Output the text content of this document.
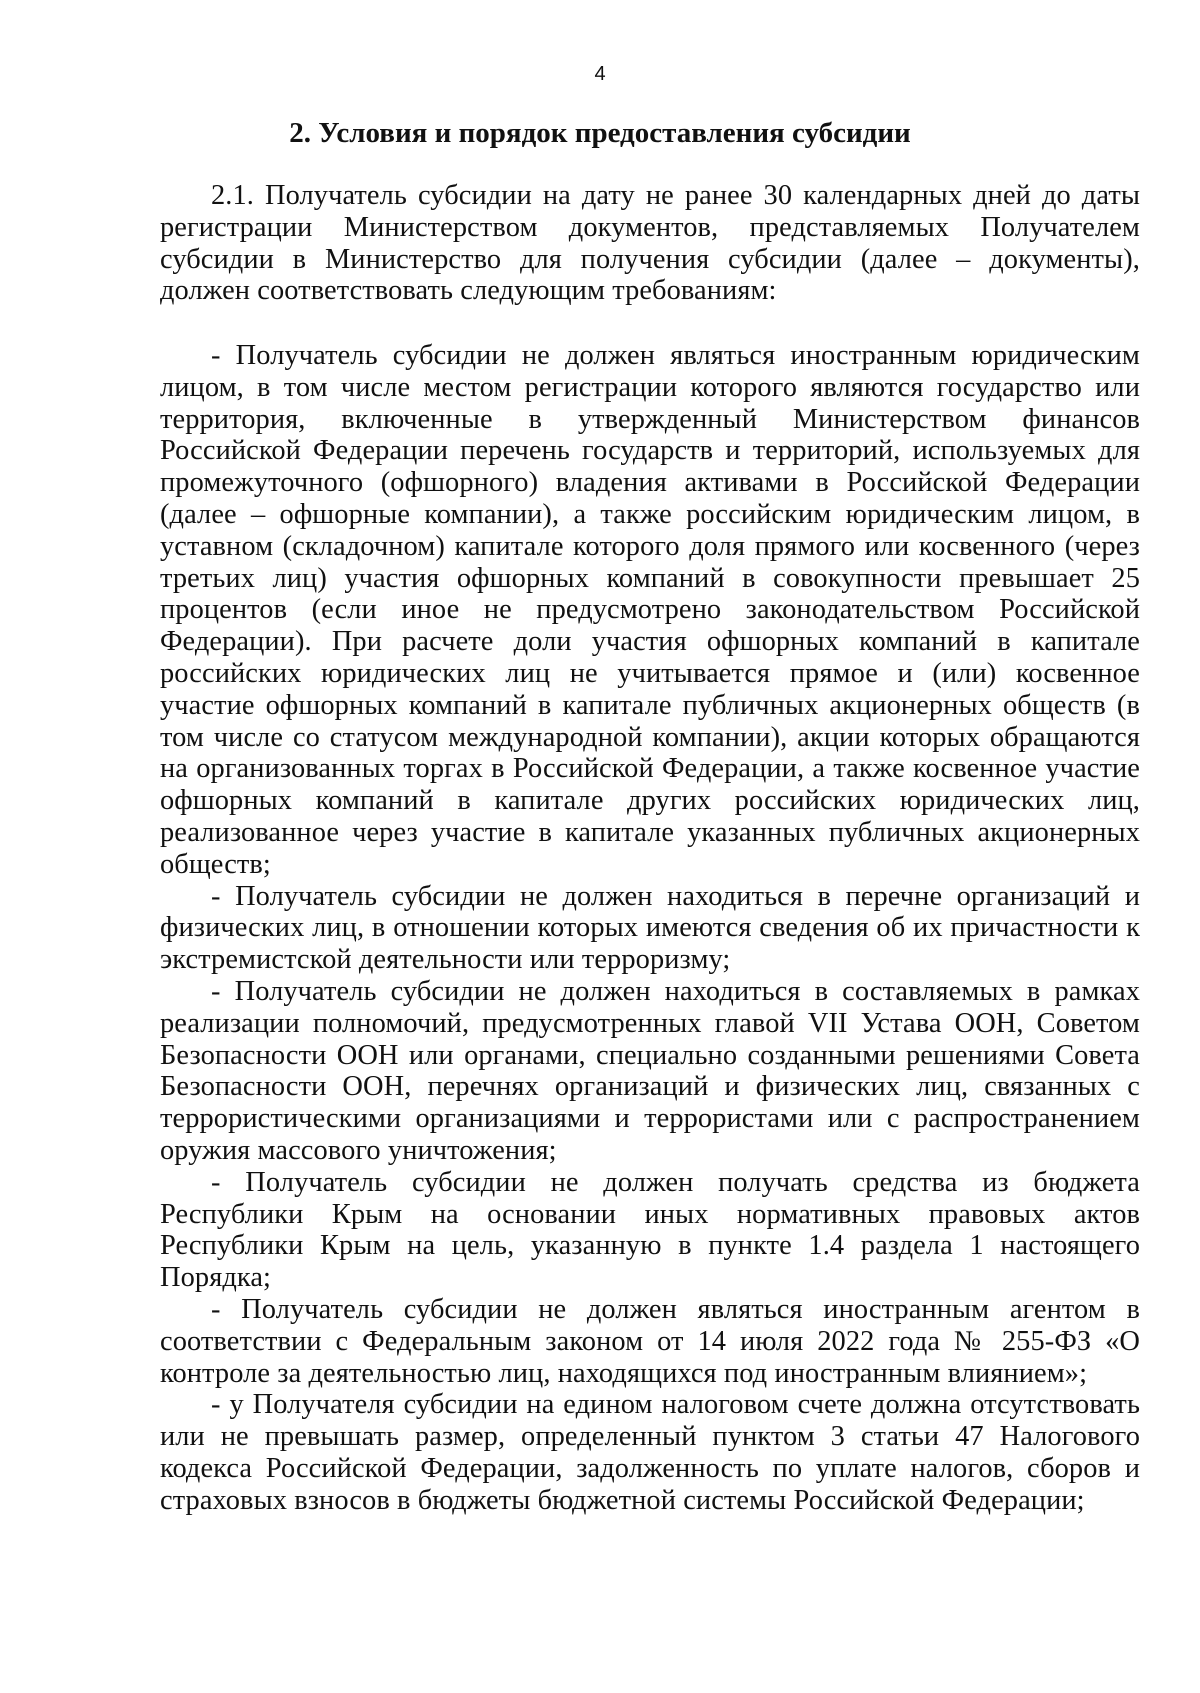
4
2. Условия и порядок предоставления субсидии

2.1. Получатель субсидии на дату не ранее 30 календарных дней до даты регистрации Министерством документов, представляемых Получателем субсидии в Министерство для получения субсидии (далее – документы), должен соответствовать следующим требованиям:

- Получатель субсидии не должен являться иностранным юридическим лицом, в том числе местом регистрации которого являются государство или территория, включенные в утвержденный Министерством финансов Российской Федерации перечень государств и территорий, используемых для промежуточного (офшорного) владения активами в Российской Федерации (далее – офшорные компании), а также российским юридическим лицом, в уставном (складочном) капитале которого доля прямого или косвенного (через третьих лиц) участия офшорных компаний в совокупности превышает 25 процентов (если иное не предусмотрено законодательством Российской Федерации). При расчете доли участия офшорных компаний в капитале российских юридических лиц не учитывается прямое и (или) косвенное участие офшорных компаний в капитале публичных акционерных обществ (в том числе со статусом международной компании), акции которых обращаются на организованных торгах в Российской Федерации, а также косвенное участие офшорных компаний в капитале других российских юридических лиц, реализованное через участие в капитале указанных публичных акционерных обществ;

- Получатель субсидии не должен находиться в перечне организаций и физических лиц, в отношении которых имеются сведения об их причастности к экстремистской деятельности или терроризму;

- Получатель субсидии не должен находиться в составляемых в рамках реализации полномочий, предусмотренных главой VII Устава ООН, Советом Безопасности ООН или органами, специально созданными решениями Совета Безопасности ООН, перечнях организаций и физических лиц, связанных с террористическими организациями и террористами или с распространением оружия массового уничтожения;

- Получатель субсидии не должен получать средства из бюджета Республики Крым на основании иных нормативных правовых актов Республики Крым на цель, указанную в пункте 1.4 раздела 1 настоящего Порядка;

- Получатель субсидии не должен являться иностранным агентом в соответствии с Федеральным законом от 14 июля 2022 года № 255-ФЗ «О контроле за деятельностью лиц, находящихся под иностранным влиянием»;

- у Получателя субсидии на едином налоговом счете должна отсутствовать или не превышать размер, определенный пунктом 3 статьи 47 Налогового кодекса Российской Федерации, задолженность по уплате налогов, сборов и страховых взносов в бюджеты бюджетной системы Российской Федерации;
